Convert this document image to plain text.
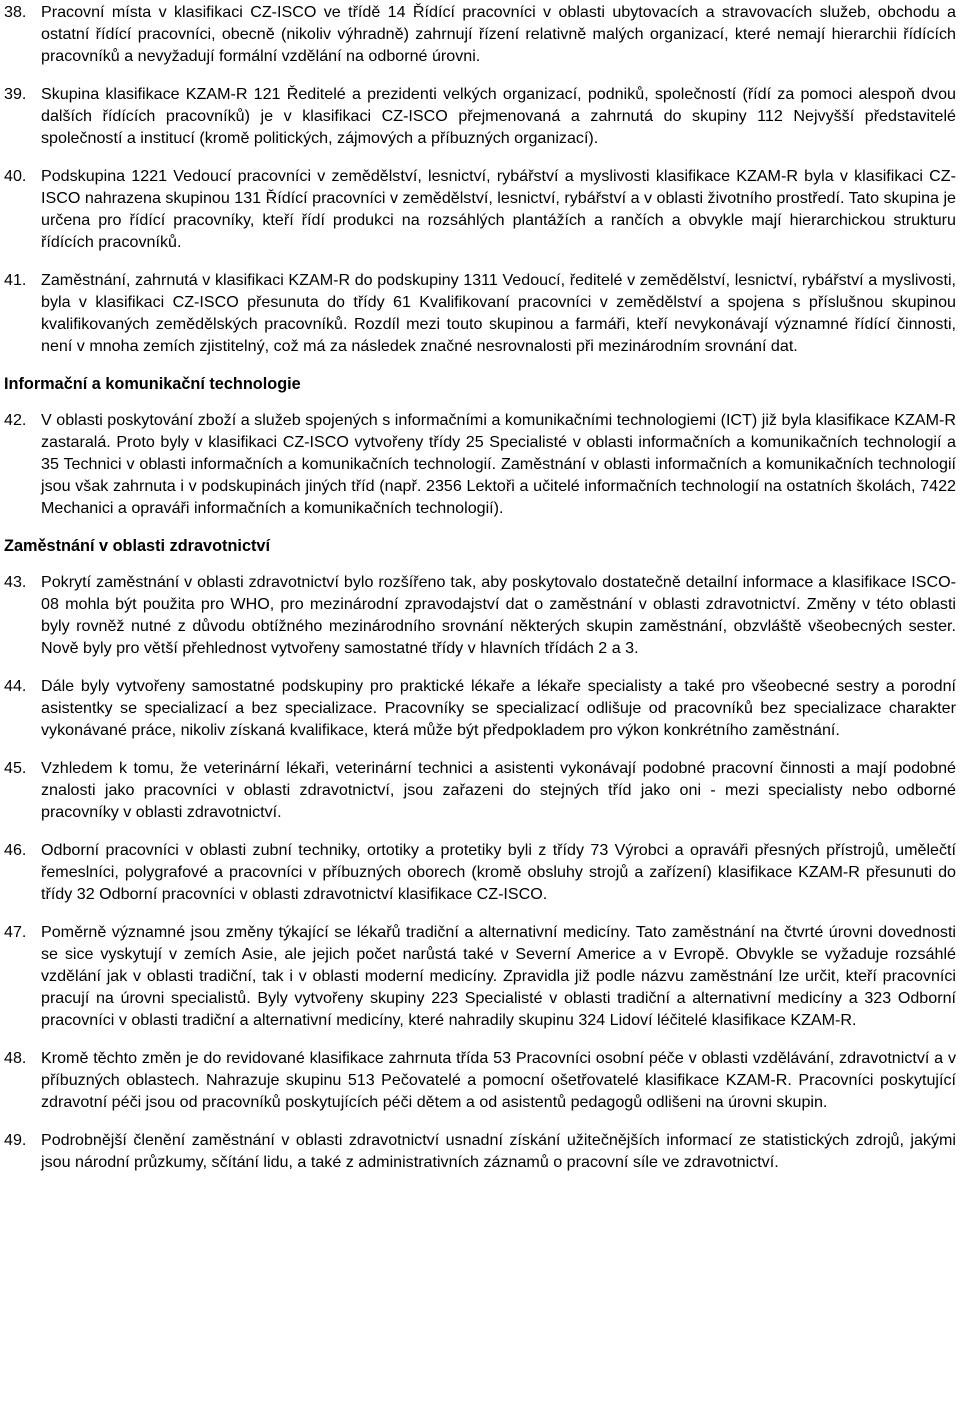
38. Pracovní místa v klasifikaci CZ-ISCO ve třídě 14 Řídící pracovníci v oblasti ubytovacích a stravovacích služeb, obchodu a ostatní řídící pracovníci, obecně (nikoliv výhradně) zahrnují řízení relativně malých organizací, které nemají hierarchii řídících pracovníků a nevyžadují formální vzdělání na odborné úrovni.
39. Skupina klasifikace KZAM-R 121 Ředitelé a prezidenti velkých organizací, podniků, společností (řídí za pomoci alespoň dvou dalších řídících pracovníků) je v klasifikaci CZ-ISCO přejmenovaná a zahrnutá do skupiny 112 Nejvyšší představitelé společností a institucí (kromě politických, zájmových a příbuzných organizací).
40. Podskupina 1221 Vedoucí pracovníci v zemědělství, lesnictví, rybářství a myslivosti klasifikace KZAM-R byla v klasifikaci CZ-ISCO nahrazena skupinou 131 Řídící pracovníci v zemědělství, lesnictví, rybářství a v oblasti životního prostředí. Tato skupina je určena pro řídící pracovníky, kteří řídí produkci na rozsáhlých plantážích a rančích a obvykle mají hierarchickou strukturu řídících pracovníků.
41. Zaměstnání, zahrnutá v klasifikaci KZAM-R do podskupiny 1311 Vedoucí, ředitelé v zemědělství, lesnictví, rybářství a myslivosti, byla v klasifikaci CZ-ISCO přesunuta do třídy 61 Kvalifikovaní pracovníci v zemědělství a spojena s příslušnou skupinou kvalifikovaných zemědělských pracovníků. Rozdíl mezi touto skupinou a farmáři, kteří nevykonávají významné řídící činnosti, není v mnoha zemích zjistitelný, což má za následek značné nesrovnalosti při mezinárodním srovnání dat.
Informační a komunikační technologie
42. V oblasti poskytování zboží a služeb spojených s informačními a komunikačními technologiemi (ICT) již byla klasifikace KZAM-R zastaralá. Proto byly v klasifikaci CZ-ISCO vytvořeny třídy 25 Specialisté v oblasti informačních a komunikačních technologií a 35 Technici v oblasti informačních a komunikačních technologií. Zaměstnání v oblasti informačních a komunikačních technologií jsou však zahrnuta i v podskupinách jiných tříd (např. 2356 Lektoři a učitelé informačních technologií na ostatních školách, 7422 Mechanici a opraváři informačních a komunikačních technologií).
Zaměstnání v oblasti zdravotnictví
43. Pokrytí zaměstnání v oblasti zdravotnictví bylo rozšířeno tak, aby poskytovalo dostatečně detailní informace a klasifikace ISCO-08 mohla být použita pro WHO, pro mezinárodní zpravodajství dat o zaměstnání v oblasti zdravotnictví. Změny v této oblasti byly rovněž nutné z důvodu obtížného mezinárodního srovnání některých skupin zaměstnání, obzvláště všeobecných sester. Nově byly pro větší přehlednost vytvořeny samostatné třídy v hlavních třídách 2 a 3.
44. Dále byly vytvořeny samostatné podskupiny pro praktické lékaře a lékaře specialisty a také pro všeobecné sestry a porodní asistentky se specializací a bez specializace. Pracovníky se specializací odlišuje od pracovníků bez specializace charakter vykonávané práce, nikoliv získaná kvalifikace, která může být předpokladem pro výkon konkrétního zaměstnání.
45. Vzhledem k tomu, že veterinární lékaři, veterinární technici a asistenti vykonávají podobné pracovní činnosti a mají podobné znalosti jako pracovníci v oblasti zdravotnictví, jsou zařazeni do stejných tříd jako oni - mezi specialisty nebo odborné pracovníky v oblasti zdravotnictví.
46. Odborní pracovníci v oblasti zubní techniky, ortotiky a protetiky byli z třídy 73 Výrobci a opraváři přesných přístrojů, umělečtí řemeslníci, polygrafové a pracovníci v příbuzných oborech (kromě obsluhy strojů a zařízení) klasifikace KZAM-R přesunuti do třídy 32 Odborní pracovníci v oblasti zdravotnictví klasifikace CZ-ISCO.
47. Poměrně významné jsou změny týkající se lékařů tradiční a alternativní medicíny. Tato zaměstnání na čtvrté úrovni dovednosti se sice vyskytují v zemích Asie, ale jejich počet narůstá také v Severní Americe a v Evropě. Obvykle se vyžaduje rozsáhlé vzdělání jak v oblasti tradiční, tak i v oblasti moderní medicíny. Zpravidla již podle názvu zaměstnání lze určit, kteří pracovníci pracují na úrovni specialistů. Byly vytvořeny skupiny 223 Specialisté v oblasti tradiční a alternativní medicíny a 323 Odborní pracovníci v oblasti tradiční a alternativní medicíny, které nahradily skupinu 324 Lidoví léčitelé klasifikace KZAM-R.
48. Kromě těchto změn je do revidované klasifikace zahrnuta třída 53 Pracovníci osobní péče v oblasti vzdělávání, zdravotnictví a v příbuzných oblastech. Nahrazuje skupinu 513 Pečovatelé a pomocní ošetřovatelé klasifikace KZAM-R. Pracovníci poskytující zdravotní péči jsou od pracovníků poskytujících péči dětem a od asistentů pedagogů odlišeni na úrovni skupin.
49. Podrobnější členění zaměstnání v oblasti zdravotnictví usnadní získání užitečnějších informací ze statistických zdrojů, jakými jsou národní průzkumy, sčítání lidu, a také z administrativních záznamů o pracovní síle ve zdravotnictví.
